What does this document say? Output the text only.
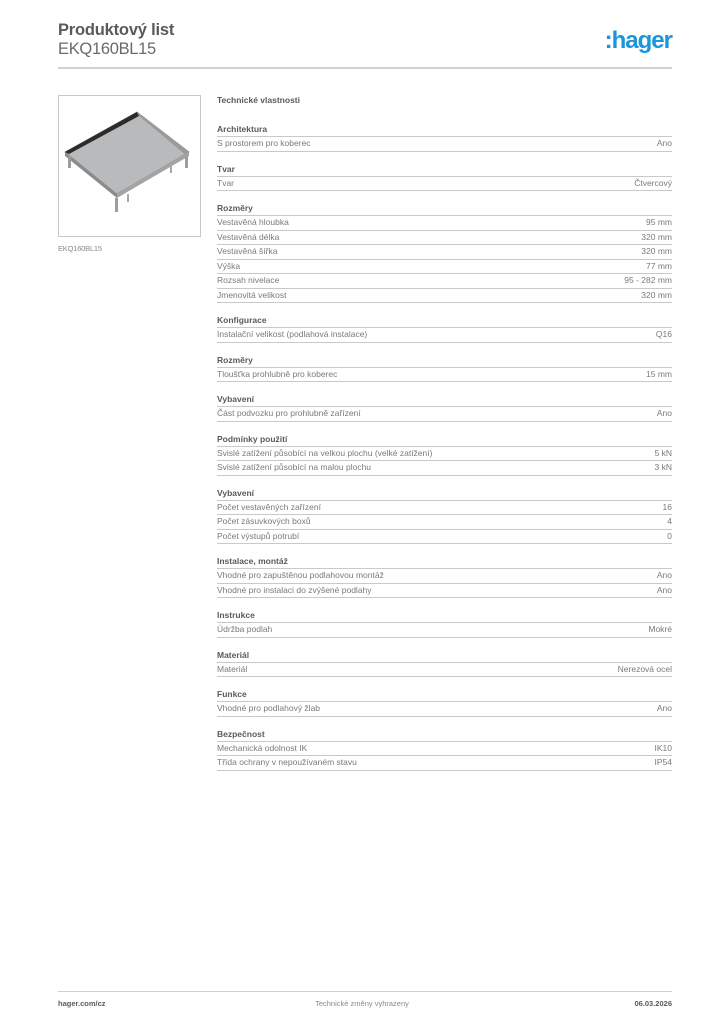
Produktový list
EKQ160BL15	:hager
EKQ160BL15
Technické vlastnosti
Architektura
S prostorem pro koberec	Ano
Tvar
Tvar	Čtvercový
Rozměry
Vestavěná hloubka	95 mm
Vestavěná délka	320 mm
Vestavěná šířka	320 mm
Výška	77 mm
Rozsah nivelace	95 - 282 mm
Jmenovitá velikost	320 mm
Konfigurace
Instalační velikost (podlahová instalace)	Q16
Rozměry
Tloušťka prohlubně pro koberec	15 mm
Vybavení
Část podvozku pro prohlubně zařízení	Ano
Podmínky použití
Svislé zatížení působící na velkou plochu (velké zatížení)	5 kN
Svislé zatížení působící na malou plochu	3 kN
Vybavení
Počet vestavěných zařízení	16
Počet zásuvkových boxů	4
Počet výstupů potrubí	0
Instalace, montáž
Vhodné pro zapuštěnou podlahovou montáž	Ano
Vhodné pro instalaci do zvýšené podlahy	Ano
Instrukce
Údržba podlah	Mokré
Materiál
Materiál	Nerezová ocel
Funkce
Vhodné pro podlahový žlab	Ano
Bezpečnost
Mechanická odolnost IK	IK10
Třída ochrany v nepoužívaném stavu	IP54
hager.com/cz	Technické změny vyhrazeny	06.03.2026
